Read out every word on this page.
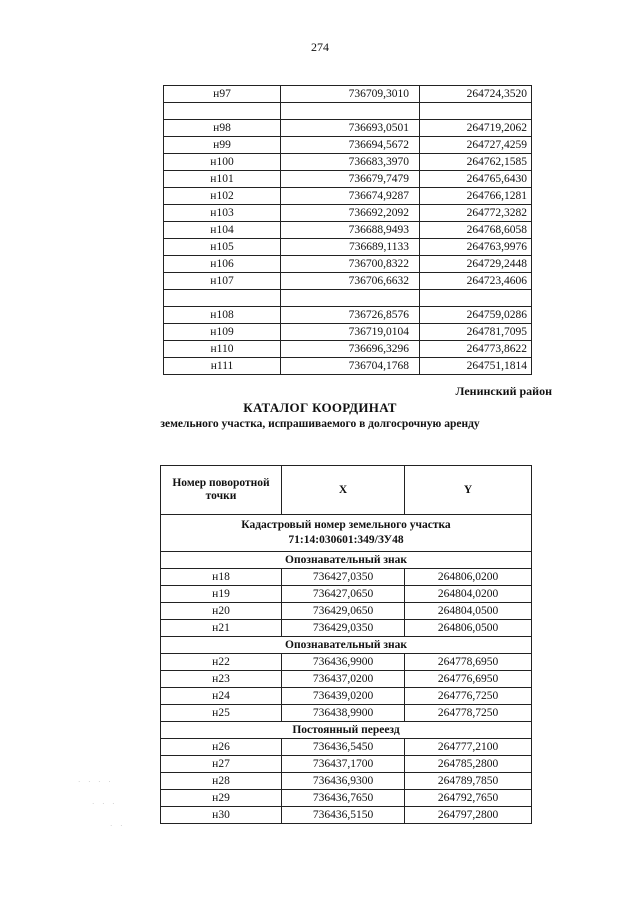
274
н97	736709,3010	264724,3520

н98	736693,0501	264719,2062
н99	736694,5672	264727,4259
н100	736683,3970	264762,1585
н101	736679,7479	264765,6430
н102	736674,9287	264766,1281
н103	736692,2092	264772,3282
н104	736688,9493	264768,6058
н105	736689,1133	264763,9976
н106	736700,8322	264729,2448
н107	736706,6632	264723,4606

н108	736726,8576	264759,0286
н109	736719,0104	264781,7095
н110	736696,3296	264773,8622
н111	736704,1768	264751,1814
Ленинский район
КАТАЛОГ КООРДИНАТ
земельного участка, испрашиваемого в долгосрочную аренду
Номер поворотной точки	X	Y

Кадастровый номер земельного участка
71:14:030601:349/ЗУ48		

Опознавательный знак		
н18	736427,0350	264806,0200
н19	736427,0650	264804,0200
н20	736429,0650	264804,0500
н21	736429,0350	264806,0500
Опознавательный знак		
н22	736436,9900	264778,6950
н23	736437,0200	264776,6950
н24	736439,0200	264776,7250
н25	736438,9900	264778,7250
Постоянный переезд		
н26	736436,5450	264777,2100
н27	736437,1700	264785,2800
н28	736436,9300	264789,7850
н29	736436,7650	264792,7650
н30	736436,5150	264797,2800
· · · ·
· · ·
· ·
